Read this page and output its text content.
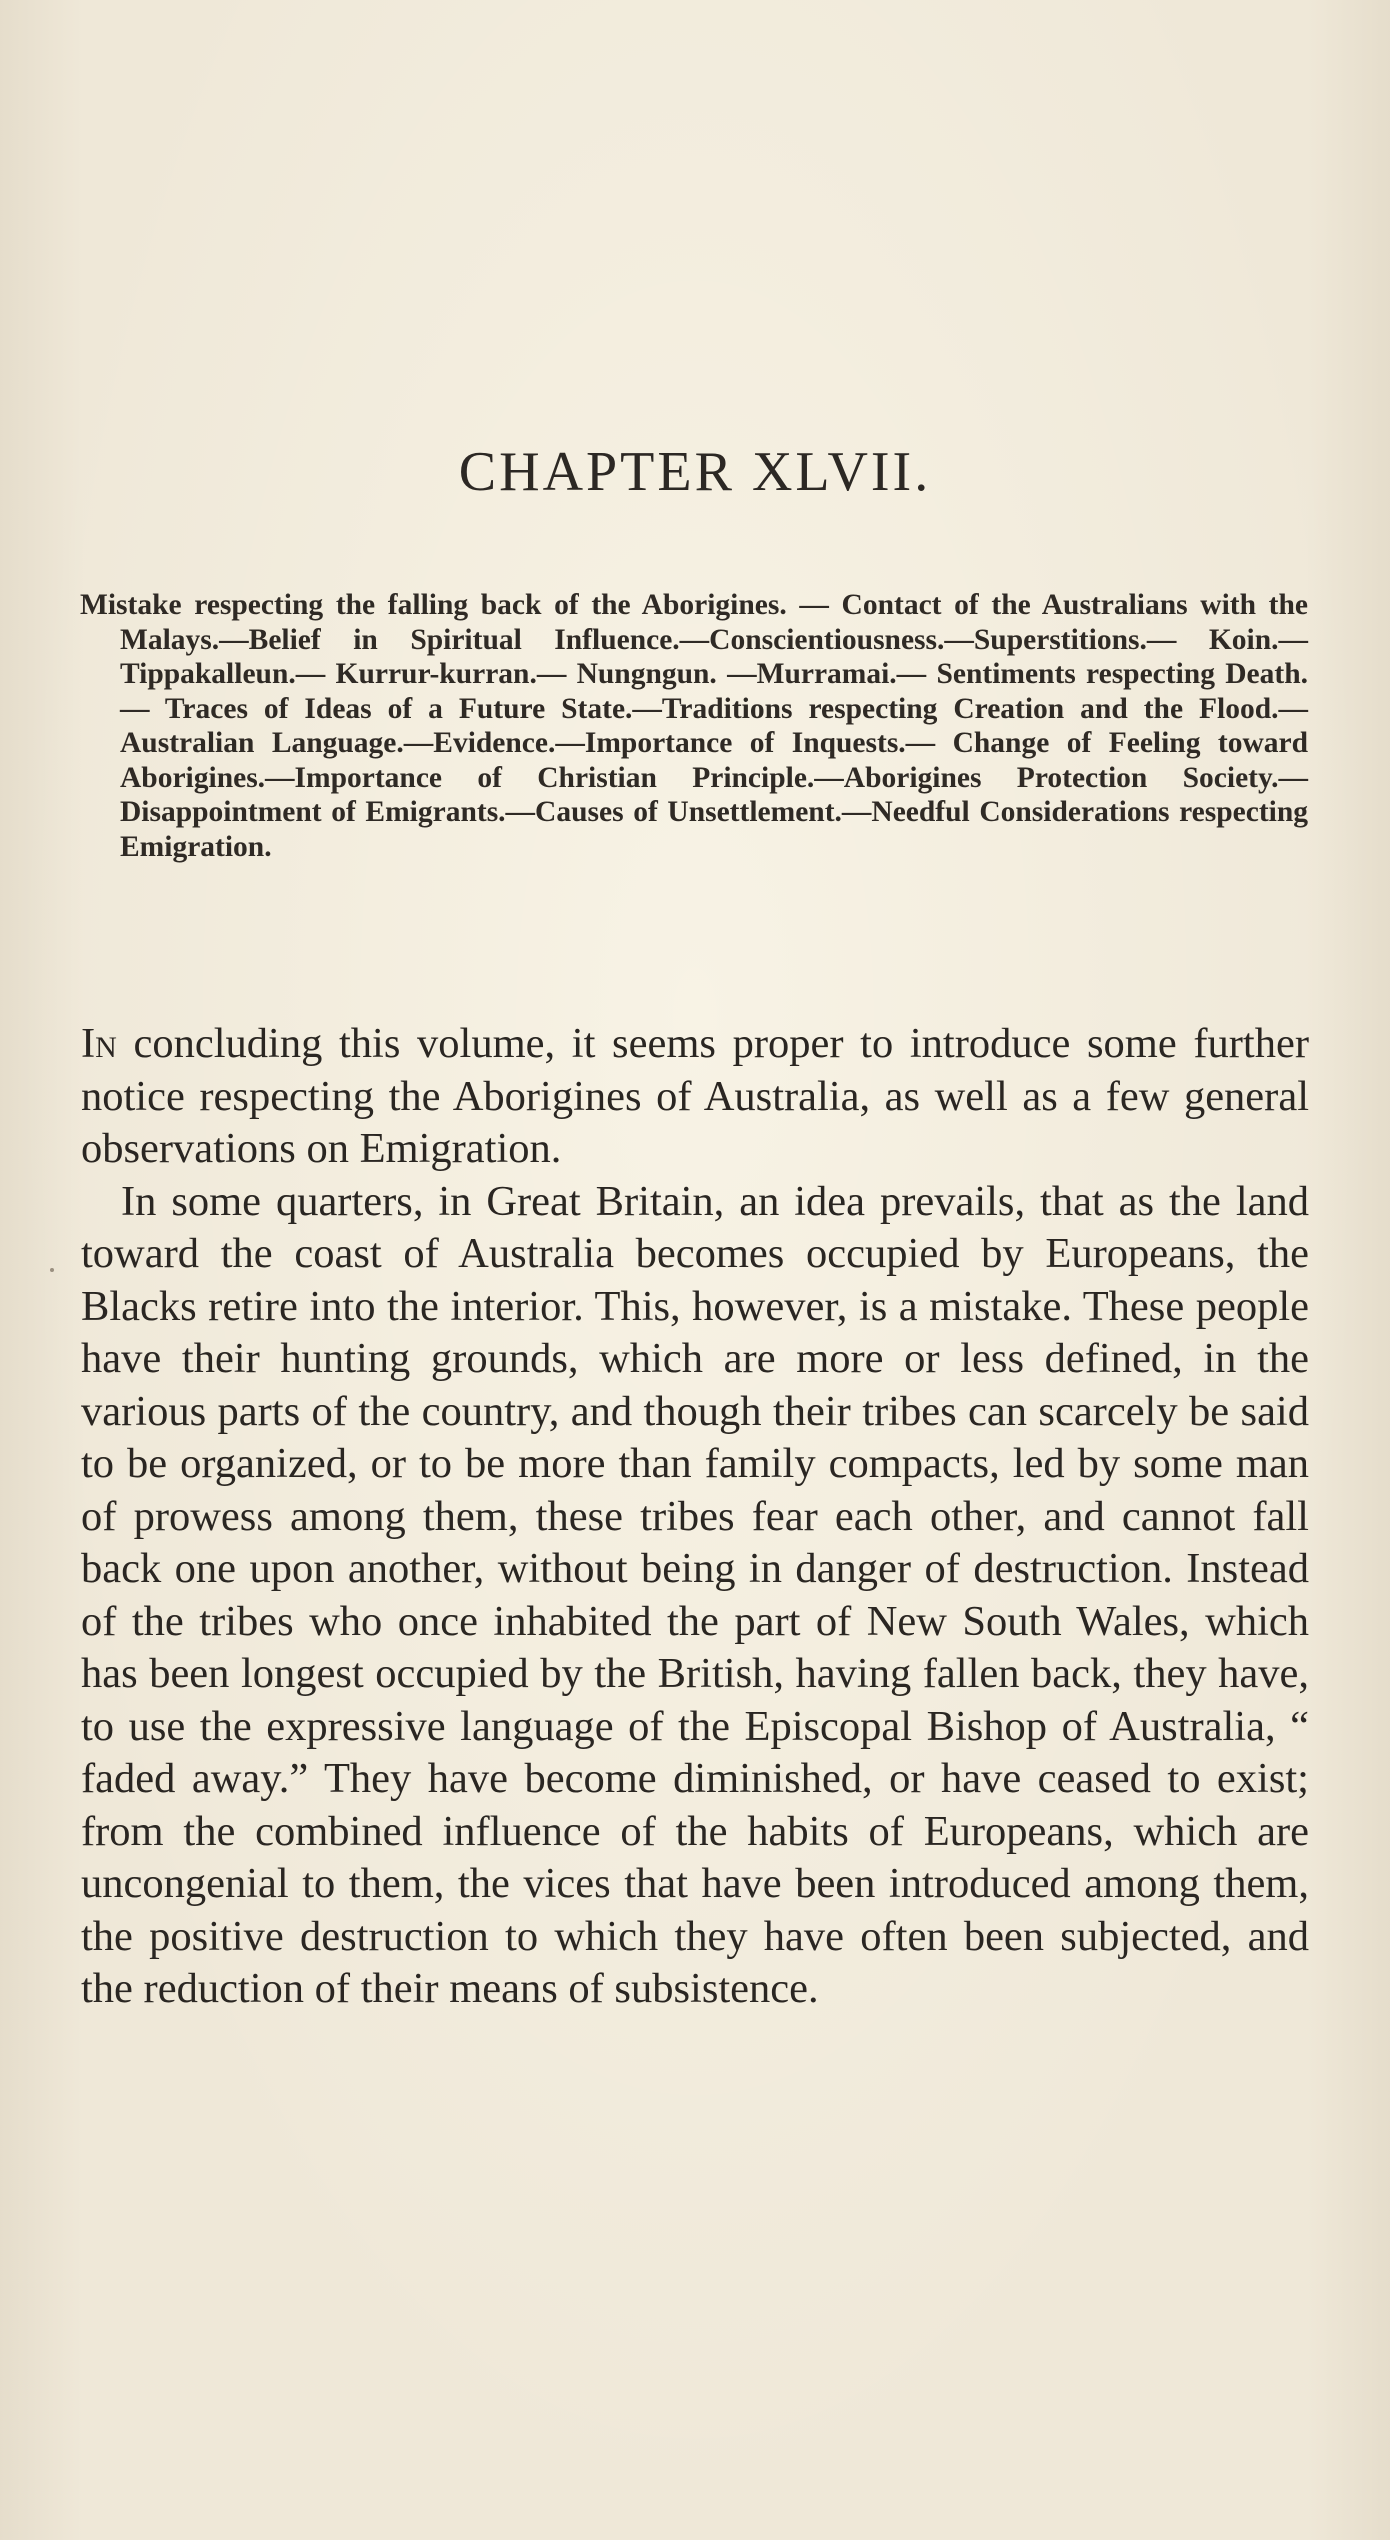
CHAPTER XLVII.

Mistake respecting the falling back of the Aborigines. — Contact of the Australians with the Malays.—Belief in Spiritual Influence.—Conscientiousness.—Superstitions.— Koin.—Tippakalleun.— Kurrur-kurran.— Nungngun. —Murramai.— Sentiments respecting Death.— Traces of Ideas of a Future State.—Traditions respecting Creation and the Flood.—Australian Language.—Evidence.—Importance of Inquests.— Change of Feeling toward Aborigines.—Importance of Christian Principle.—Aborigines Protection Society.—Disappointment of Emigrants.—Causes of Unsettlement.—Needful Considerations respecting Emigration.

In concluding this volume, it seems proper to introduce some further notice respecting the Aborigines of Australia, as well as a few general observations on Emigration.

In some quarters, in Great Britain, an idea prevails, that as the land toward the coast of Australia becomes occupied by Europeans, the Blacks retire into the interior. This, however, is a mistake. These people have their hunting grounds, which are more or less defined, in the various parts of the country, and though their tribes can scarcely be said to be organized, or to be more than family compacts, led by some man of prowess among them, these tribes fear each other, and cannot fall back one upon another, without being in danger of destruction. Instead of the tribes who once inhabited the part of New South Wales, which has been longest occupied by the British, having fallen back, they have, to use the expressive language of the Episcopal Bishop of Australia, “ faded away.” They have become diminished, or have ceased to exist; from the combined influence of the habits of Europeans, which are uncongenial to them, the vices that have been introduced among them, the positive destruction to which they have often been subjected, and the reduction of their means of subsistence.
